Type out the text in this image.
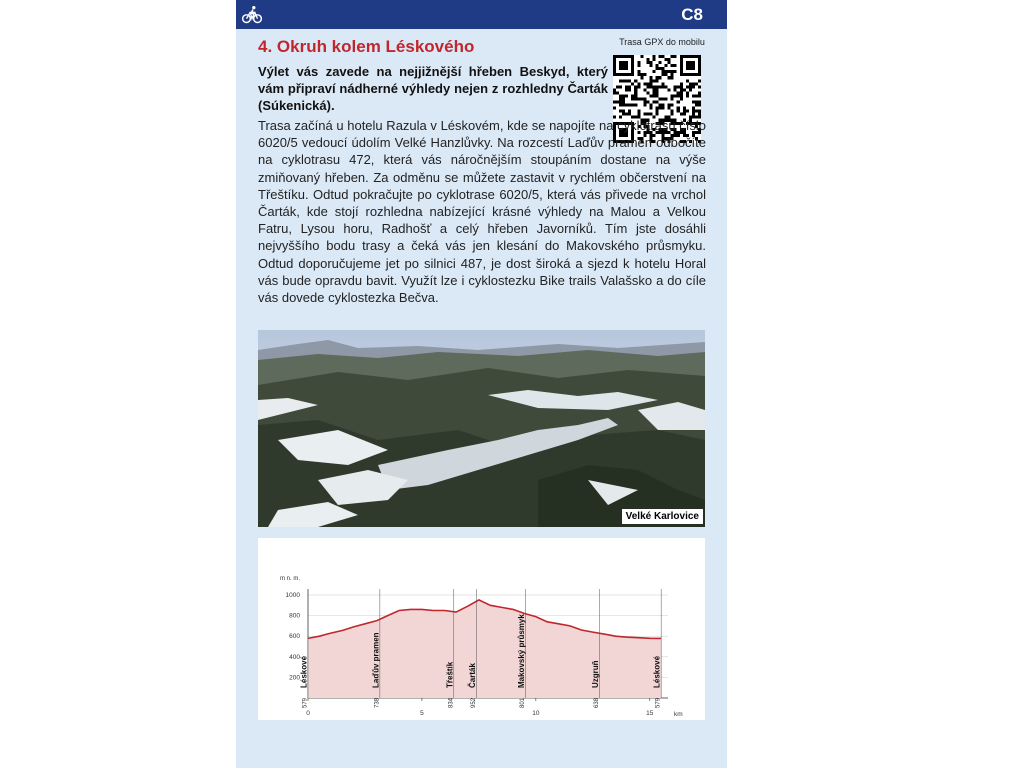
C8
4. Okruh kolem Léskového	Trasa GPX do mobilu

Výlet vás zavede na nejjižnější hřeben Beskyd, který vám připraví nádherné výhledy nejen z rozhledny Čarták (Súkenická).

Trasa začíná u hotelu Razula v Léskovém, kde se napojíte na cyklotrasu číslo 6020/5 vedoucí údolím Velké Hanzlůvky. Na rozcestí Laďův pramen odbočíte na cyklotrasu 472, která vás náročnějším stoupáním dostane na výše zmiňovaný hřeben. Za odměnu se můžete zastavit v rychlém občerstvení na Třeštíku. Odtud pokračujte po cyklotrase 6020/5, která vás přivede na vrchol Čarták, kde stojí rozhledna nabízející krásné výhledy na Malou a Velkou Fatru, Lysou horu, Radhošť a celý hřeben Javorníků. Tím jste dosáhli nejvyššího bodu trasy a čeká vás jen klesání do Makovského průsmyku. Odtud doporučujeme jet po silnici 487, je dost široká a sjezd k hotelu Horal vás bude opravdu bavit. Využít lze i cyklostezku Bike trails Valašsko a do cíle vás dovede cyklostezka Bečva.

Velké Karlovice
m n. m.
Léskové
579
Laďův pramen
738
Třeštík
834
Čarták
952
Makovský průsmyk
801
Uzgruň
638
Léskové
579
200
400
600
800
1000
0	5	10	15	km
